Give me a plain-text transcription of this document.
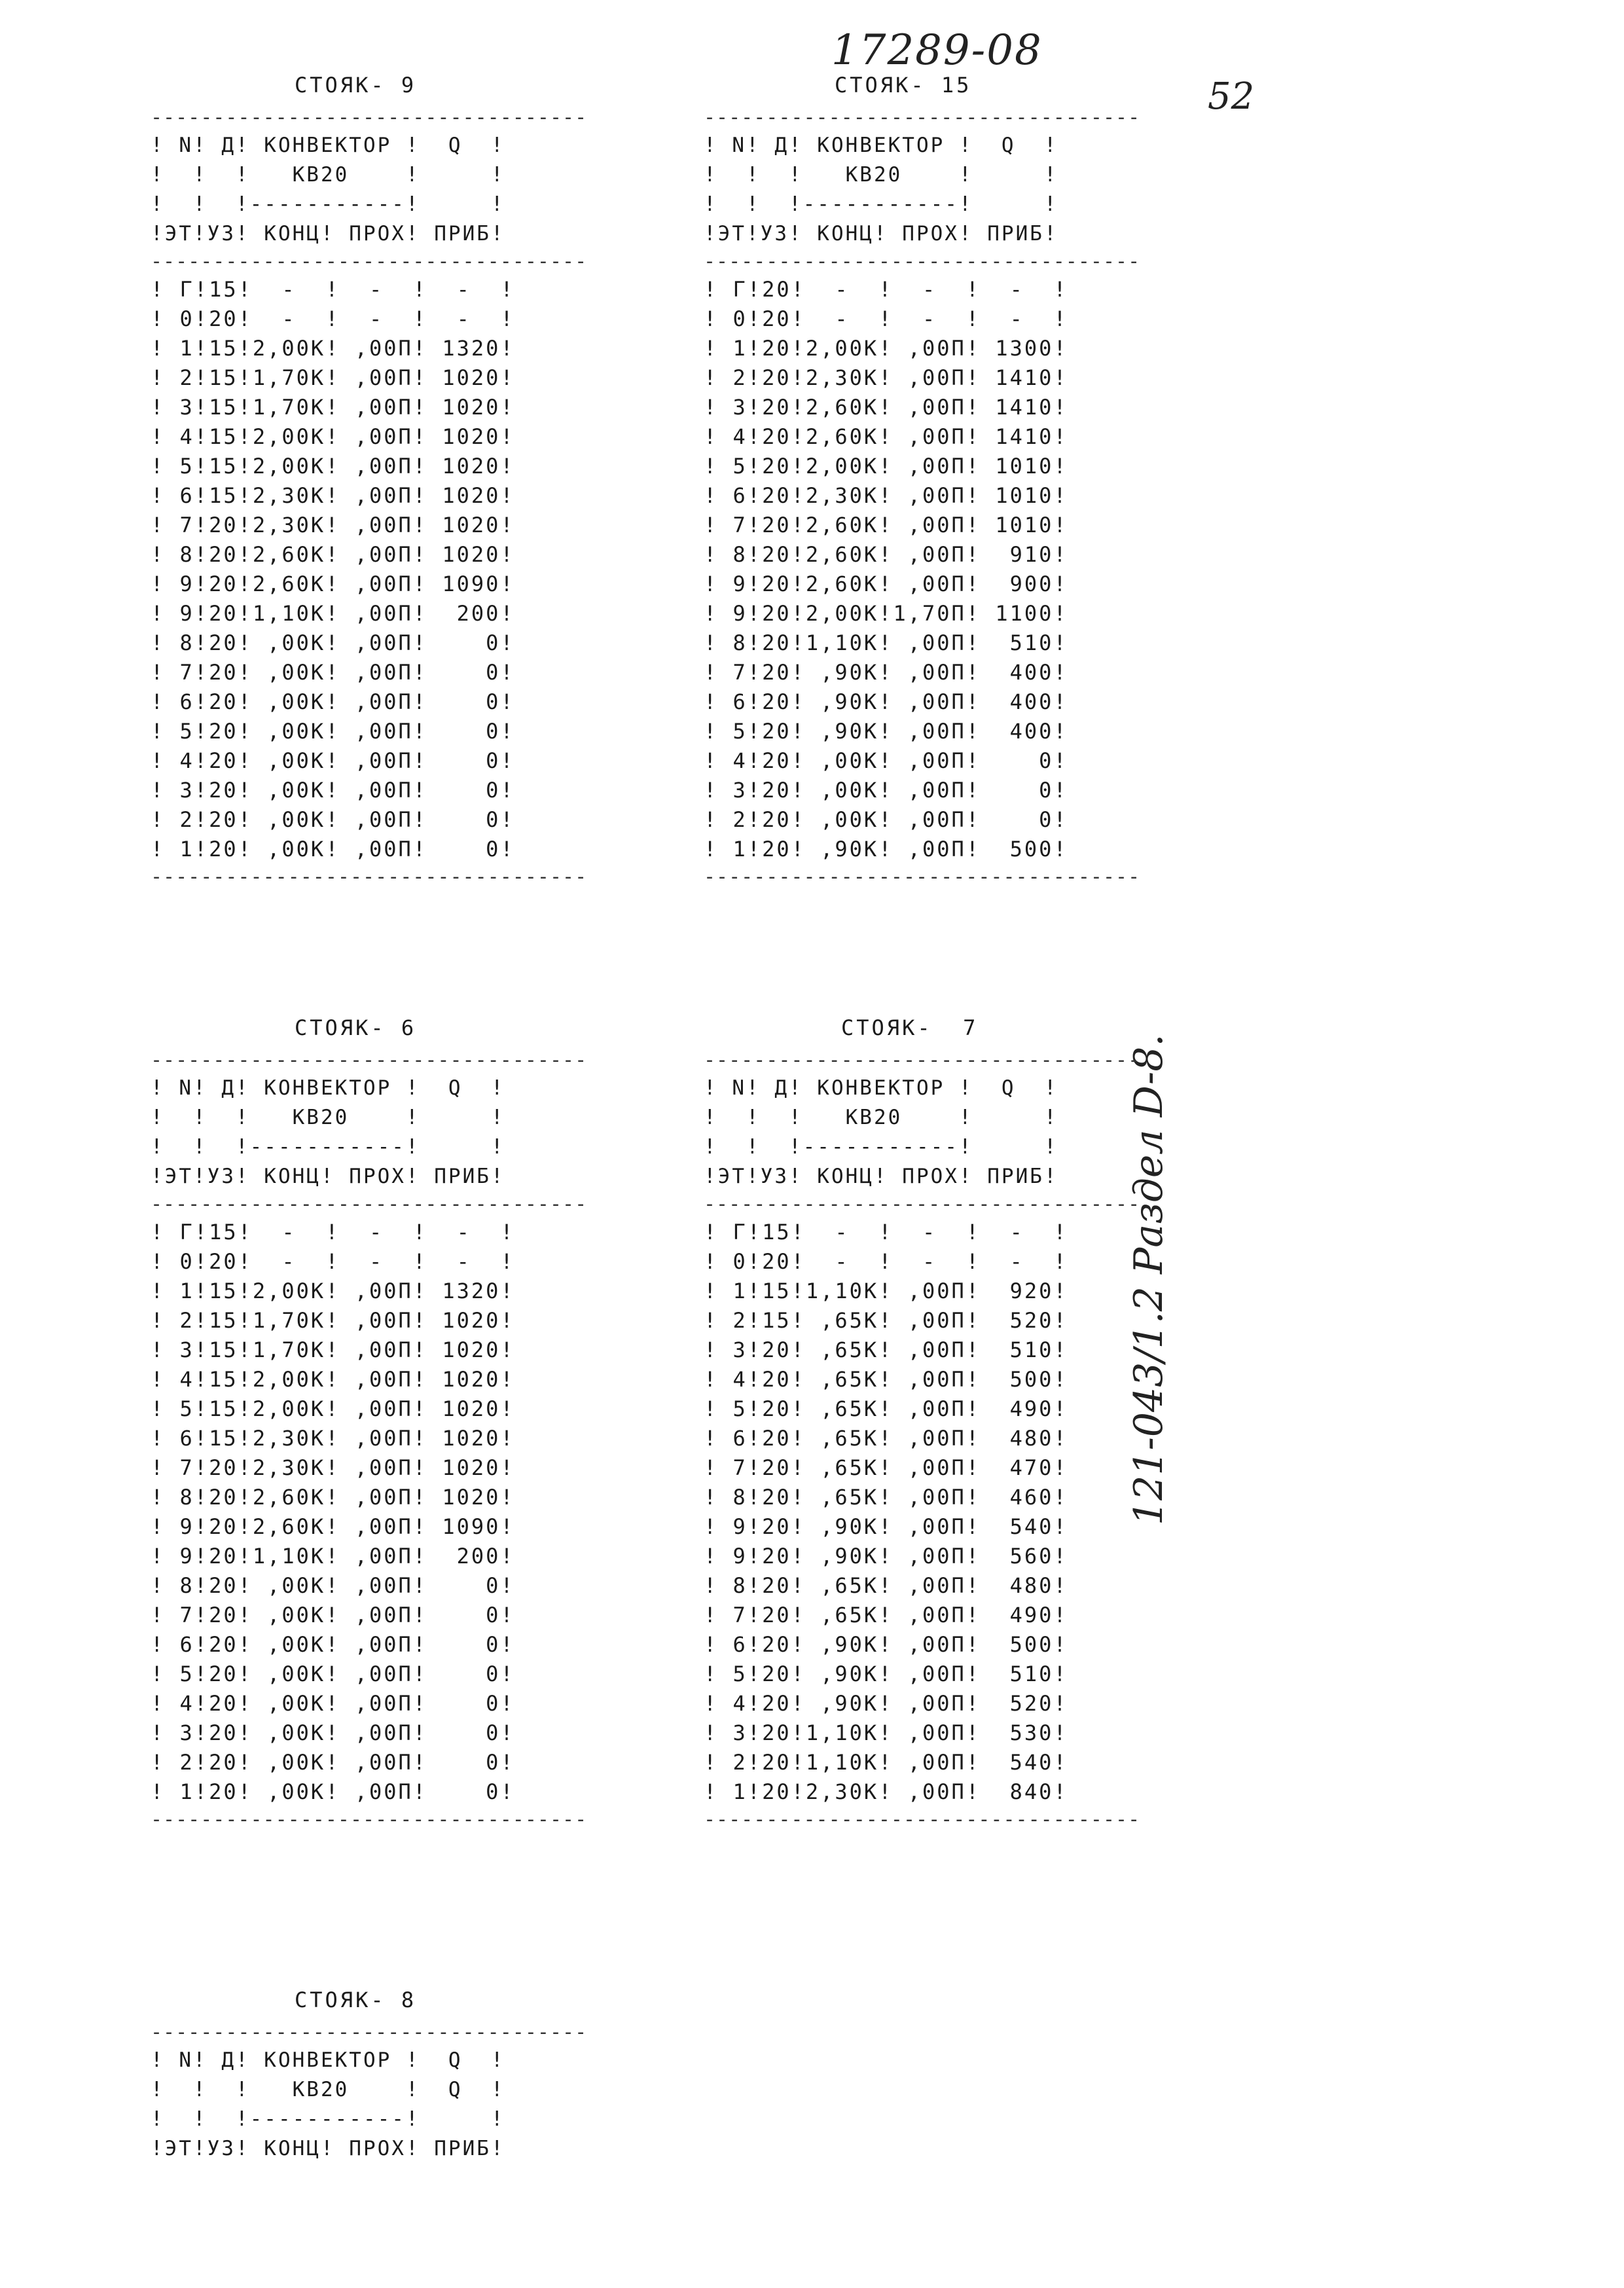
17289-08
52
121-043/1.2 Раздел D-8.
СТОЯК- 9
-----------------------------------
! N! Д! КОНВЕКТОР !  Q  !
!  !  !   КВ20    !     !
!  !  !-----------!     !
!ЭТ!УЗ! КОНЦ! ПРОХ! ПРИБ!
-----------------------------------
! Г!15!  -  !  -  !  -  !
! 0!20!  -  !  -  !  -  !
! 1!15!2,00К! ,00П! 1320!
! 2!15!1,70К! ,00П! 1020!
! 3!15!1,70К! ,00П! 1020!
! 4!15!2,00К! ,00П! 1020!
! 5!15!2,00К! ,00П! 1020!
! 6!15!2,30К! ,00П! 1020!
! 7!20!2,30К! ,00П! 1020!
! 8!20!2,60К! ,00П! 1020!
! 9!20!2,60К! ,00П! 1090!
! 9!20!1,10К! ,00П!  200!
! 8!20! ,00К! ,00П!    0!
! 7!20! ,00К! ,00П!    0!
! 6!20! ,00К! ,00П!    0!
! 5!20! ,00К! ,00П!    0!
! 4!20! ,00К! ,00П!    0!
! 3!20! ,00К! ,00П!    0!
! 2!20! ,00К! ,00П!    0!
! 1!20! ,00К! ,00П!    0!
-----------------------------------
СТОЯК- 15
-----------------------------------
! N! Д! КОНВЕКТОР !  Q  !
!  !  !   КВ20    !     !
!  !  !-----------!     !
!ЭТ!УЗ! КОНЦ! ПРОХ! ПРИБ!
-----------------------------------
! Г!20!  -  !  -  !  -  !
! 0!20!  -  !  -  !  -  !
! 1!20!2,00К! ,00П! 1300!
! 2!20!2,30К! ,00П! 1410!
! 3!20!2,60К! ,00П! 1410!
! 4!20!2,60К! ,00П! 1410!
! 5!20!2,00К! ,00П! 1010!
! 6!20!2,30К! ,00П! 1010!
! 7!20!2,60К! ,00П! 1010!
! 8!20!2,60К! ,00П!  910!
! 9!20!2,60К! ,00П!  900!
! 9!20!2,00К!1,70П! 1100!
! 8!20!1,10К! ,00П!  510!
! 7!20! ,90К! ,00П!  400!
! 6!20! ,90К! ,00П!  400!
! 5!20! ,90К! ,00П!  400!
! 4!20! ,00К! ,00П!    0!
! 3!20! ,00К! ,00П!    0!
! 2!20! ,00К! ,00П!    0!
! 1!20! ,90К! ,00П!  500!
-----------------------------------
СТОЯК- 6
-----------------------------------
! N! Д! КОНВЕКТОР !  Q  !
!  !  !   КВ20    !     !
!  !  !-----------!     !
!ЭТ!УЗ! КОНЦ! ПРОХ! ПРИБ!
-----------------------------------
! Г!15!  -  !  -  !  -  !
! 0!20!  -  !  -  !  -  !
! 1!15!2,00К! ,00П! 1320!
! 2!15!1,70К! ,00П! 1020!
! 3!15!1,70К! ,00П! 1020!
! 4!15!2,00К! ,00П! 1020!
! 5!15!2,00К! ,00П! 1020!
! 6!15!2,30К! ,00П! 1020!
! 7!20!2,30К! ,00П! 1020!
! 8!20!2,60К! ,00П! 1020!
! 9!20!2,60К! ,00П! 1090!
! 9!20!1,10К! ,00П!  200!
! 8!20! ,00К! ,00П!    0!
! 7!20! ,00К! ,00П!    0!
! 6!20! ,00К! ,00П!    0!
! 5!20! ,00К! ,00П!    0!
! 4!20! ,00К! ,00П!    0!
! 3!20! ,00К! ,00П!    0!
! 2!20! ,00К! ,00П!    0!
! 1!20! ,00К! ,00П!    0!
-----------------------------------
СТОЯК-  7
-----------------------------------
! N! Д! КОНВЕКТОР !  Q  !
!  !  !   КВ20    !     !
!  !  !-----------!     !
!ЭТ!УЗ! КОНЦ! ПРОХ! ПРИБ!
-----------------------------------
! Г!15!  -  !  -  !  -  !
! 0!20!  -  !  -  !  -  !
! 1!15!1,10К! ,00П!  920!
! 2!15! ,65К! ,00П!  520!
! 3!20! ,65К! ,00П!  510!
! 4!20! ,65К! ,00П!  500!
! 5!20! ,65К! ,00П!  490!
! 6!20! ,65К! ,00П!  480!
! 7!20! ,65К! ,00П!  470!
! 8!20! ,65К! ,00П!  460!
! 9!20! ,90К! ,00П!  540!
! 9!20! ,90К! ,00П!  560!
! 8!20! ,65К! ,00П!  480!
! 7!20! ,65К! ,00П!  490!
! 6!20! ,90К! ,00П!  500!
! 5!20! ,90К! ,00П!  510!
! 4!20! ,90К! ,00П!  520!
! 3!20!1,10К! ,00П!  530!
! 2!20!1,10К! ,00П!  540!
! 1!20!2,30К! ,00П!  840!
-----------------------------------
СТОЯК- 8
-----------------------------------
! N! Д! КОНВЕКТОР !  Q  !
!  !  !   КВ20    !  Q  !
!  !  !-----------!     !
!ЭТ!УЗ! КОНЦ! ПРОХ! ПРИБ!
